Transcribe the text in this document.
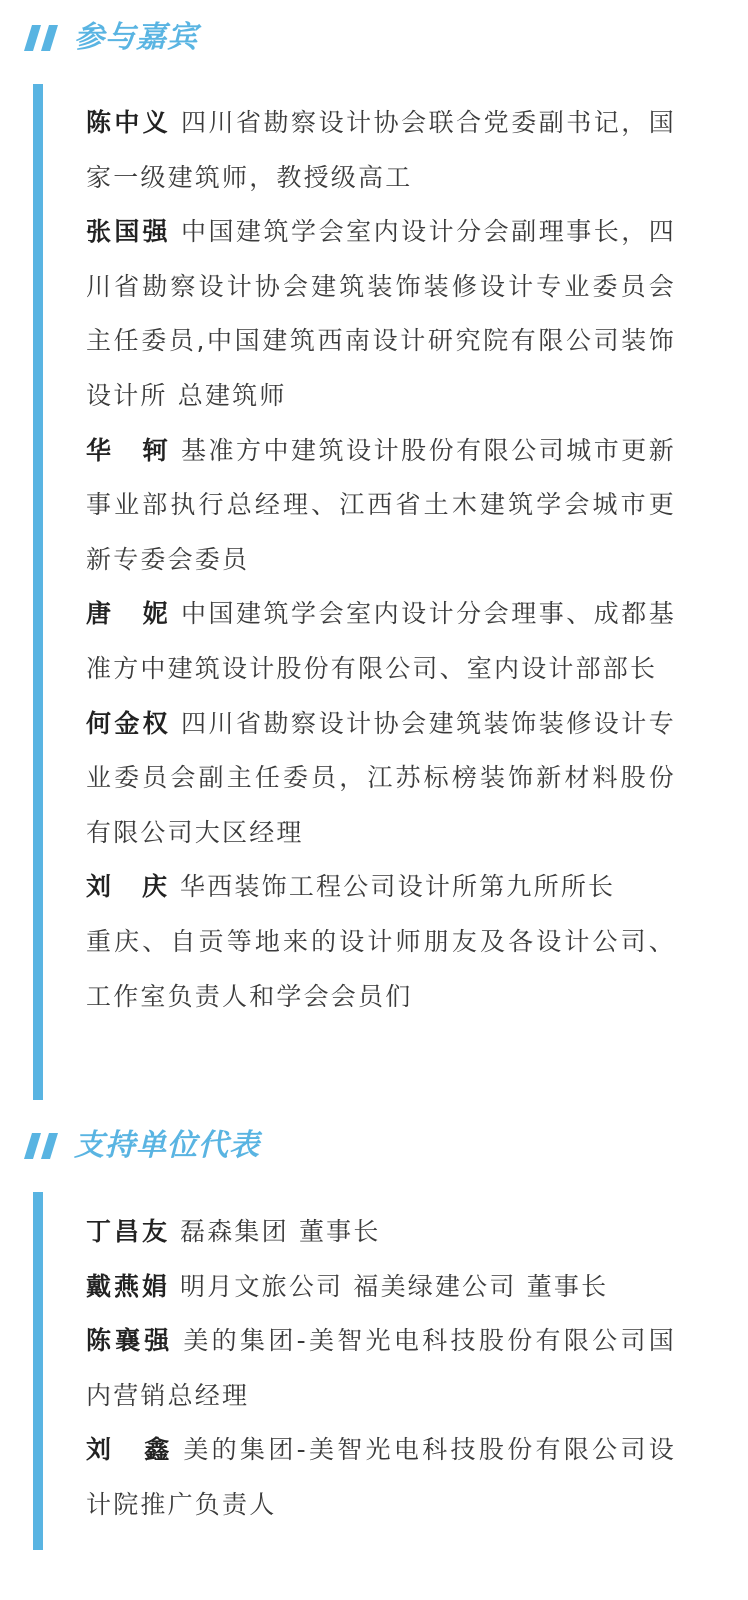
参与嘉宾

陈中义 四川省勘察设计协会联合党委副书记，国家一级建筑师，教授级高工

张国强 中国建筑学会室内设计分会副理事长，四川省勘察设计协会建筑装饰装修设计专业委员会主任委员,中国建筑西南设计研究院有限公司装饰设计所 总建筑师

华　轲 基准方中建筑设计股份有限公司城市更新事业部执行总经理、江西省土木建筑学会城市更新专委会委员

唐　妮 中国建筑学会室内设计分会理事、成都基准方中建筑设计股份有限公司、室内设计部部长

何金权 四川省勘察设计协会建筑装饰装修设计专业委员会副主任委员，江苏标榜装饰新材料股份有限公司大区经理

刘　庆 华西装饰工程公司设计所第九所所长

重庆、自贡等地来的设计师朋友及各设计公司、工作室负责人和学会会员们

支持单位代表

丁昌友 磊森集团 董事长

戴燕娟 明月文旅公司 福美绿建公司 董事长

陈襄强 美的集团-美智光电科技股份有限公司国内营销总经理

刘　鑫 美的集团-美智光电科技股份有限公司设计院推广负责人
